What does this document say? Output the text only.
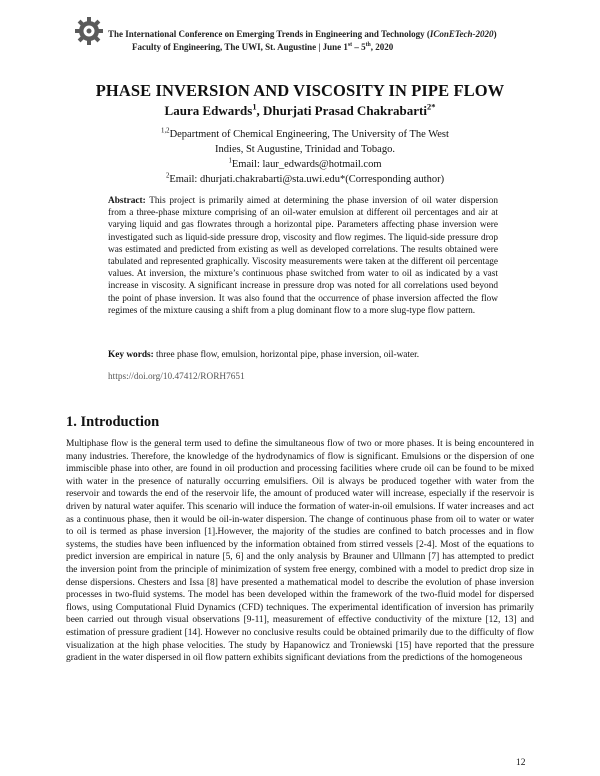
The International Conference on Emerging Trends in Engineering and Technology (IConETech-2020)
Faculty of Engineering, The UWI, St. Augustine | June 1st – 5th, 2020
PHASE INVERSION AND VISCOSITY IN PIPE FLOW
Laura Edwards$^1$, Dhurjati Prasad Chakrabarti$^{2*}$
$^{1,2}$Department of Chemical Engineering, The University of The West Indies, St Augustine, Trinidad and Tobago.
$^1$Email: laur_edwards@hotmail.com
$^2$Email: dhurjati.chakrabarti@sta.uwi.edu*(Corresponding author)
Abstract: This project is primarily aimed at determining the phase inversion of oil water dispersion from a three-phase mixture comprising of an oil-water emulsion at different oil percentages and air at varying liquid and gas flowrates through a horizontal pipe. Parameters affecting phase inversion were investigated such as liquid-side pressure drop, viscosity and flow regimes. The liquid-side pressure drop was estimated and predicted from existing as well as developed correlations. The results obtained were tabulated and represented graphically. Viscosity measurements were taken at the different oil percentage values. At inversion, the mixture’s continuous phase switched from water to oil as indicated by a vast increase in viscosity. A significant increase in pressure drop was noted for all correlations used beyond the point of phase inversion. It was also found that the occurrence of phase inversion affected the flow regimes of the mixture causing a shift from a plug dominant flow to a more slug-type flow pattern.
Key words: three phase flow, emulsion, horizontal pipe, phase inversion, oil-water.
https://doi.org/10.47412/RORH7651
1. Introduction
Multiphase flow is the general term used to define the simultaneous flow of two or more phases. It is being encountered in many industries. Therefore, the knowledge of the hydrodynamics of flow is significant. Emulsions or the dispersion of one immiscible phase into other, are found in oil production and processing facilities where crude oil can be found to be mixed with water in the presence of naturally occurring emulsifiers. Oil is always be produced together with water from the reservoir and towards the end of the reservoir life, the amount of produced water will increase, especially if the reservoir is driven by natural water aquifer. This scenario will induce the formation of water-in-oil emulsions. If water increases and act as a continuous phase, then it would be oil-in-water dispersion. The change of continuous phase from oil to water or water to oil is termed as phase inversion [1].However, the majority of the studies are confined to batch processes and in flow systems, the studies have been influenced by the information obtained from stirred vessels [2-4]. Most of the equations to predict inversion are empirical in nature [5, 6] and the only analysis by Brauner and Ullmann [7] has attempted to predict the inversion point from the principle of minimization of system free energy, combined with a model to predict drop size in dense dispersions. Chesters and Issa [8] have presented a mathematical model to describe the evolution of phase inversion processes in two-fluid systems. The model has been developed within the framework of the two-fluid model for dispersed flows, using Computational Fluid Dynamics (CFD) techniques. The experimental identification of inversion has primarily been carried out through visual observations [9-11], measurement of effective conductivity of the mixture [12, 13] and estimation of pressure gradient [14]. However no conclusive results could be obtained primarily due to the difficulty of flow visualization at the high phase velocities. The study by Hapanowicz and Troniewski [15] have reported that the pressure gradient in the water dispersed in oil flow pattern exhibits significant deviations from the predictions of the homogeneous
12
